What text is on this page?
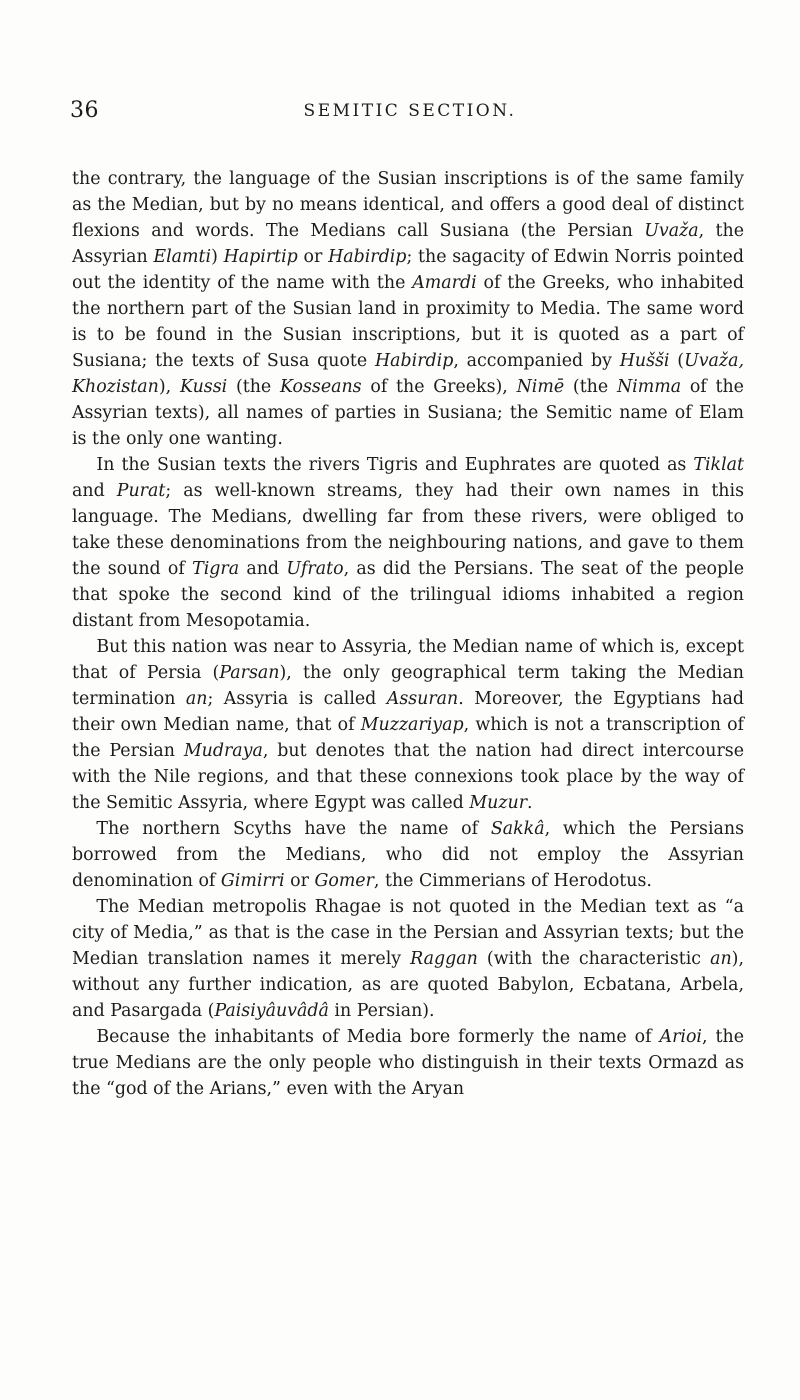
36	SEMITIC SECTION.

the contrary, the language of the Susian inscriptions is of the same family as the Median, but by no means identical, and offers a good deal of distinct flexions and words. The Medians call Susiana (the Persian Uvaža, the Assyrian Elamti) Hapirtip or Habirdip; the sagacity of Edwin Norris pointed out the identity of the name with the Amardi of the Greeks, who inhabited the northern part of the Susian land in proximity to Media. The same word is to be found in the Susian inscriptions, but it is quoted as a part of Susiana; the texts of Susa quote Habirdip, accompanied by Hušši (Uvaža, Khozistan), Kussi (the Kosseans of the Greeks), Nimē (the Nimma of the Assyrian texts), all names of parties in Susiana; the Semitic name of Elam is the only one wanting.

In the Susian texts the rivers Tigris and Euphrates are quoted as Tiklat and Purat; as well-known streams, they had their own names in this language. The Medians, dwelling far from these rivers, were obliged to take these denominations from the neighbouring nations, and gave to them the sound of Tigra and Ufrato, as did the Persians. The seat of the people that spoke the second kind of the trilingual idioms inhabited a region distant from Mesopotamia.

But this nation was near to Assyria, the Median name of which is, except that of Persia (Parsan), the only geographical term taking the Median termination an; Assyria is called Assuran. Moreover, the Egyptians had their own Median name, that of Muzzariyap, which is not a transcription of the Persian Mudraya, but denotes that the nation had direct intercourse with the Nile regions, and that these connexions took place by the way of the Semitic Assyria, where Egypt was called Muzur.

The northern Scyths have the name of Sakkâ, which the Persians borrowed from the Medians, who did not employ the Assyrian denomination of Gimirri or Gomer, the Cimmerians of Herodotus.

The Median metropolis Rhagae is not quoted in the Median text as “a city of Media,” as that is the case in the Persian and Assyrian texts; but the Median translation names it merely Raggan (with the characteristic an), without any further indication, as are quoted Babylon, Ecbatana, Arbela, and Pasargada (Paisiyâuvâdâ in Persian).

Because the inhabitants of Media bore formerly the name of Arioi, the true Medians are the only people who distinguish in their texts Ormazd as the “god of the Arians,” even with the Aryan
